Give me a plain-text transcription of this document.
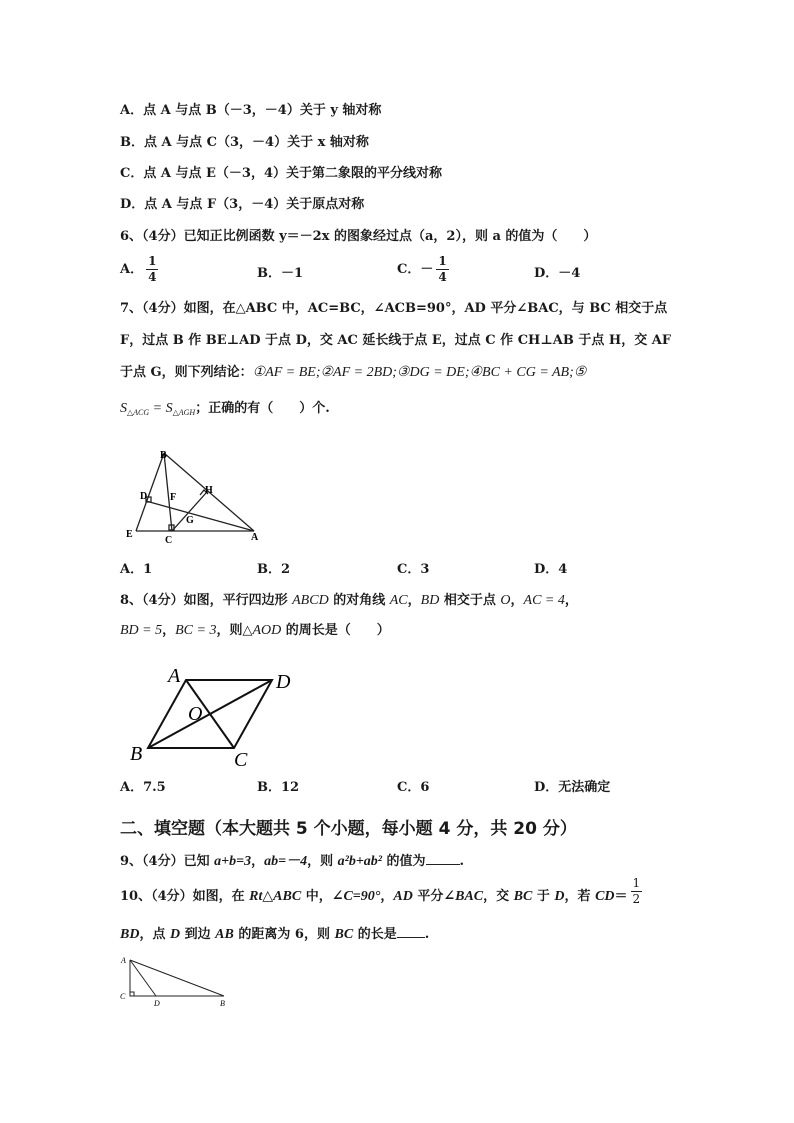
A．点 A 与点 B（－3，－4）关于 y 轴对称
B．点 A 与点 C（3，－4）关于 x 轴对称
C．点 A 与点 E（－3，4）关于第二象限的平分线对称
D．点 A 与点 F（3，－4）关于原点对称
6、（4分）已知正比例函数 y＝－2x 的图象经过点（a，2），则 a 的值为（　　）
A． $\frac{1}{4}$	B．－1	C．－ $\frac{1}{4}$	D．－4
7、（4分）如图，在△ABC 中，AC=BC，∠ACB=90°，AD 平分∠BAC，与 BC 相交于点
F，过点 B 作 BE⊥AD 于点 D，交 AC 延长线于点 E，过点 C 作 CH⊥AB 于点 H，交 AF
于点 G，则下列结论：①AF = BE;②AF = 2BD;③DG = DE;④BC + CG = AB;⑤
$S_{\triangle ACG} = S_{\triangle AGH}$；正确的有（　　）个.
B
D F
H
G
E
C	A
A．1	B．2	C．3	D．4
8、（4分）如图，平行四边形 ABCD 的对角线 AC，BD 相交于点 O，AC = 4，
BD = 5，BC = 3，则△AOD 的周长是（　　）
A	D
O
B	C
A．7.5	B．12	C．6	D．无法确定
二、填空题（本大题共 5 个小题，每小题 4 分，共 20 分）
9、（4分）已知 a+b=3，ab=－4，则 a²b+ab² 的值为	.
10、（4分）如图，在 Rt△ABC 中，∠C=90°，AD 平分∠BAC，交 BC 于 D，若 $CD= \frac{1}{2}$
BD，点 D 到边 AB 的距离为 6，则 BC 的长是 .
A
C
D	B
